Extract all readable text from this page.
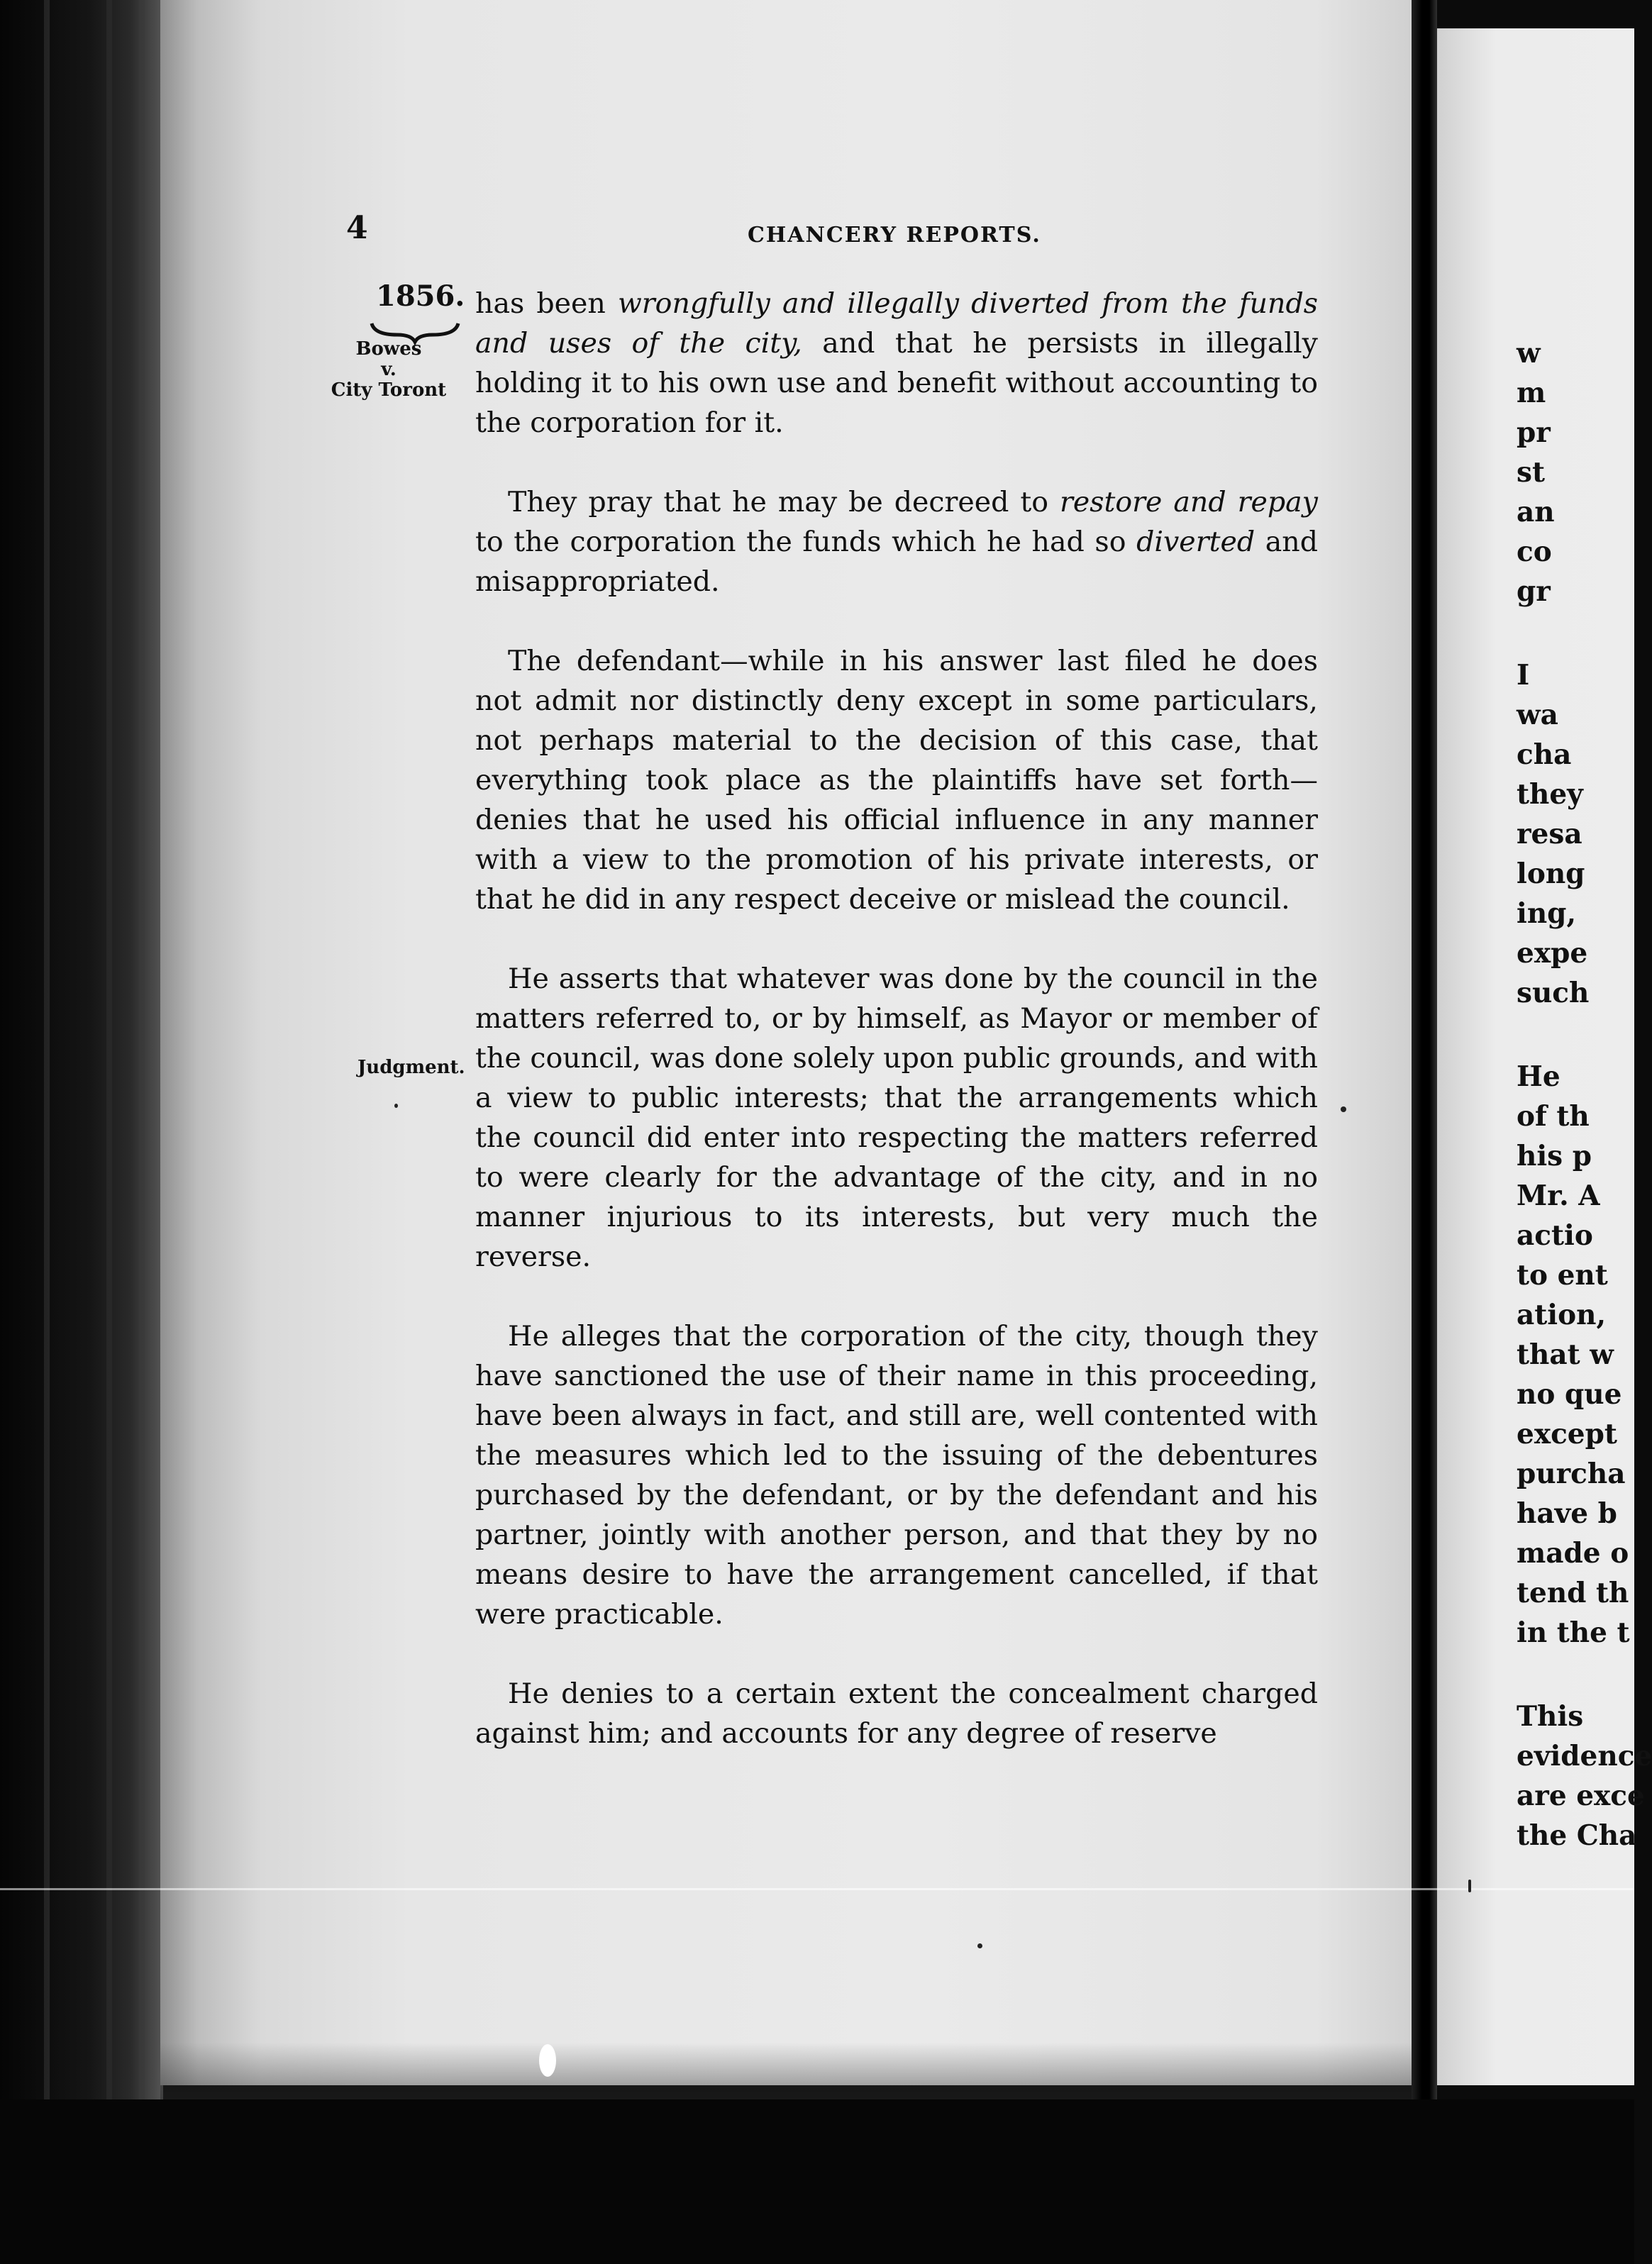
4	CHANCERY REPORTS.
1856.
Bowes
v.
City Toront
Judgment.

has been wrongfully and illegally diverted from the funds and uses of the city, and that he persists in illegally holding it to his own use and benefit without accounting to the corporation for it.

They pray that he may be decreed to restore and repay to the corporation the funds which he had so diverted and misappropriated.

The defendant—while in his answer last filed he does not admit nor distinctly deny except in some particulars, not perhaps material to the decision of this case, that everything took place as the plaintiffs have set forth—denies that he used his official influence in any manner with a view to the promotion of his private interests, or that he did in any respect deceive or mislead the council.

He asserts that whatever was done by the council in the matters referred to, or by himself, as Mayor or member of the council, was done solely upon public grounds, and with a view to public interests; that the arrangements which the council did enter into respecting the matters referred to were clearly for the advantage of the city, and in no manner injurious to its interests, but very much the reverse.

He alleges that the corporation of the city, though they have sanctioned the use of their name in this proceeding, have been always in fact, and still are, well contented with the measures which led to the issuing of the debentures purchased by the defendant, or by the defendant and his partner, jointly with another person, and that they by no means desire to have the arrangement cancelled, if that were practicable.

He denies to a certain extent the concealment charged against him; and accounts for any degree of reserve

w
m
pr
st
an
co
gr
I
wa
cha
they
resa
long
ing,
expe
such
He
of th
his p
Mr. A
actio
to ent
ation,
that w
no que
except
purcha
have b
made o
tend th
in the t
This
evidence
are exce
the Cha
